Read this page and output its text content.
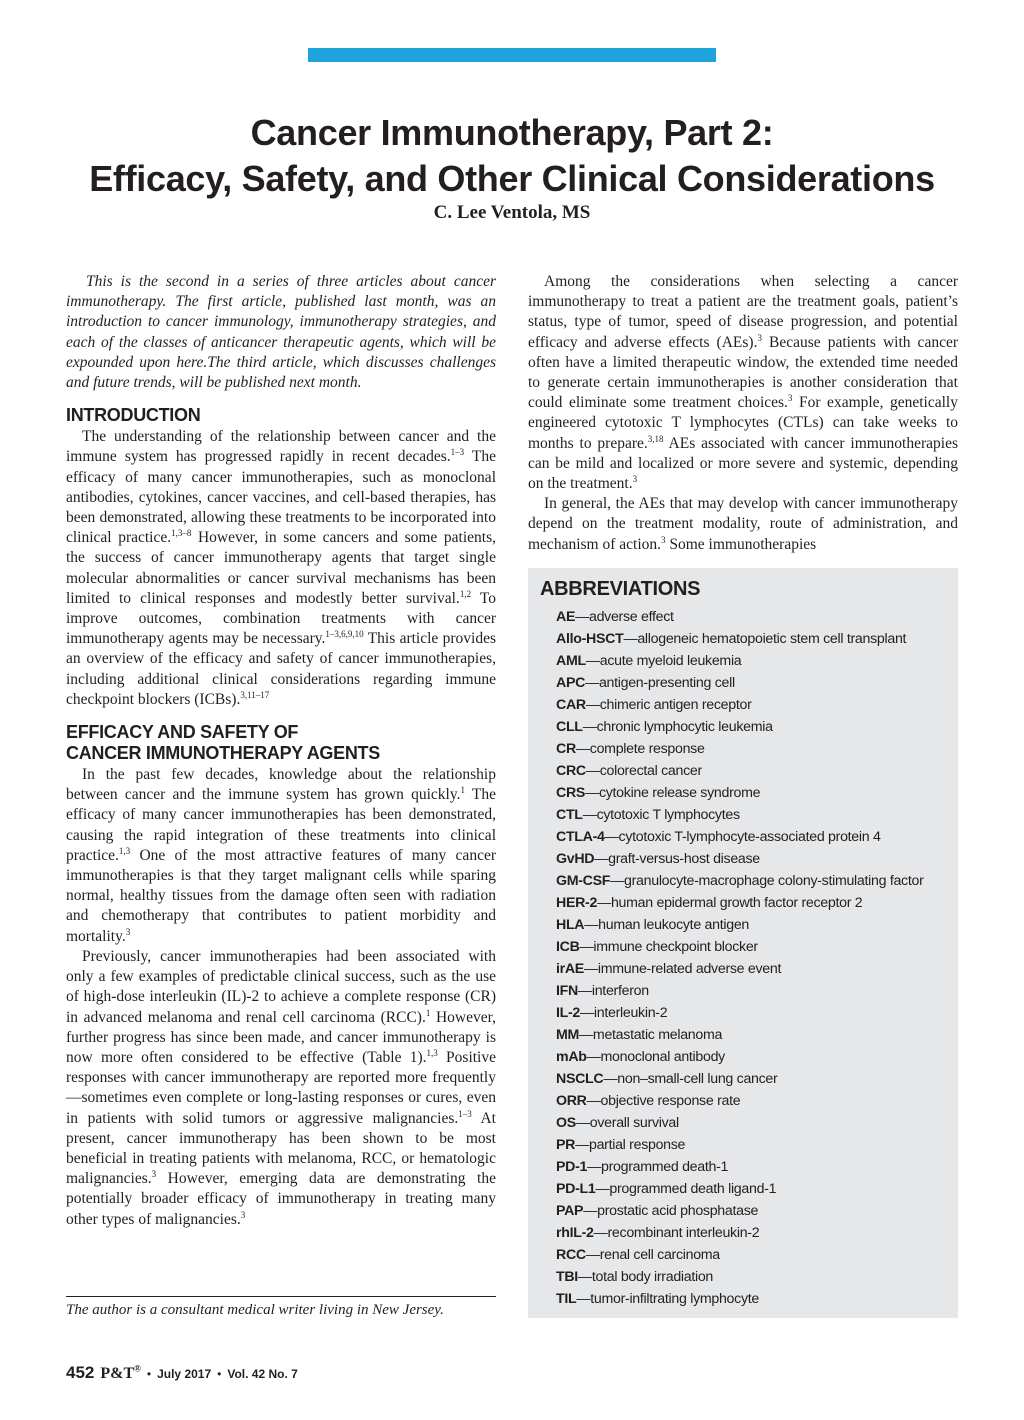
Cancer Immunotherapy, Part 2:
Efficacy, Safety, and Other Clinical Considerations
C. Lee Ventola, MS

This is the second in a series of three articles about cancer immunotherapy. The first article, published last month, was an introduction to cancer immunology, immunotherapy strategies, and each of the classes of anticancer therapeutic agents, which will be expounded upon here.The third article, which discusses challenges and future trends, will be published next month.

INTRODUCTION

The understanding of the relationship between cancer and the immune system has progressed rapidly in recent decades.$^{1-3}$ The efficacy of many cancer immunotherapies, such as monoclonal antibodies, cytokines, cancer vaccines, and cell-based therapies, has been demonstrated, allowing these treatments to be incorporated into clinical practice.$^{1,3-8}$ However, in some cancers and some patients, the success of cancer immunotherapy agents that target single molecular abnormalities or cancer survival mechanisms has been limited to clinical responses and modestly better survival.$^{1,2}$ To improve outcomes, combination treatments with cancer immunotherapy agents may be necessary.$^{1-3,6,9,10}$ This article provides an overview of the efficacy and safety of cancer immunotherapies, including additional clinical considerations regarding immune checkpoint blockers (ICBs).$^{3,11-17}$

EFFICACY AND SAFETY OF
CANCER IMMUNOTHERAPY AGENTS

In the past few decades, knowledge about the relationship between cancer and the immune system has grown quickly.$^1$ The efficacy of many cancer immunotherapies has been demonstrated, causing the rapid integration of these treatments into clinical practice.$^{1,3}$ One of the most attractive features of many cancer immunotherapies is that they target malignant cells while sparing normal, healthy tissues from the damage often seen with radiation and chemotherapy that contributes to patient morbidity and mortality.$^3$

Previously, cancer immunotherapies had been associated with only a few examples of predictable clinical success, such as the use of high-dose interleukin (IL)-2 to achieve a complete response (CR) in advanced melanoma and renal cell carcinoma (RCC).$^1$ However, further progress has since been made, and cancer immunotherapy is now more often considered to be effective (Table 1).$^{1,3}$ Positive responses with cancer immunotherapy are reported more frequently—sometimes even complete or long-lasting responses or cures, even in patients with solid tumors or aggressive malignancies.$^{1-3}$ At present, cancer immunotherapy has been shown to be most beneficial in treating patients with melanoma, RCC, or hematologic malignancies.$^3$ However, emerging data are demonstrating the potentially broader efficacy of immunotherapy in treating many other types of malignancies.$^3$

The author is a consultant medical writer living in New Jersey.

Among the considerations when selecting a cancer immunotherapy to treat a patient are the treatment goals, patient’s status, type of tumor, speed of disease progression, and potential efficacy and adverse effects (AEs).$^3$ Because patients with cancer often have a limited therapeutic window, the extended time needed to generate certain immunotherapies is another consideration that could eliminate some treatment choices.$^3$ For example, genetically engineered cytotoxic T lymphocytes (CTLs) can take weeks to months to prepare.$^{3,18}$ AEs associated with cancer immunotherapies can be mild and localized or more severe and systemic, depending on the treatment.$^3$

In general, the AEs that may develop with cancer immunotherapy depend on the treatment modality, route of administration, and mechanism of action.$^3$ Some immunotherapies

ABBREVIATIONS
AE—adverse effect
Allo-HSCT—allogeneic hematopoietic stem cell transplant
AML—acute myeloid leukemia
APC—antigen-presenting cell
CAR—chimeric antigen receptor
CLL—chronic lymphocytic leukemia
CR—complete response
CRC—colorectal cancer
CRS—cytokine release syndrome
CTL—cytotoxic T lymphocytes
CTLA-4—cytotoxic T-lymphocyte-associated protein 4
GvHD—graft-versus-host disease
GM-CSF—granulocyte-macrophage colony-stimulating factor
HER-2—human epidermal growth factor receptor 2
HLA—human leukocyte antigen
ICB—immune checkpoint blocker
irAE—immune-related adverse event
IFN—interferon
IL-2—interleukin-2
MM—metastatic melanoma
mAb—monoclonal antibody
NSCLC—non–small-cell lung cancer
ORR—objective response rate
OS—overall survival
PR—partial response
PD-1—programmed death-1
PD-L1—programmed death ligand-1
PAP—prostatic acid phosphatase
rhIL-2—recombinant interleukin-2
RCC—renal cell carcinoma
TBI—total body irradiation
TIL—tumor-infiltrating lymphocyte
452 P&T® • July 2017 • Vol. 42 No. 7
